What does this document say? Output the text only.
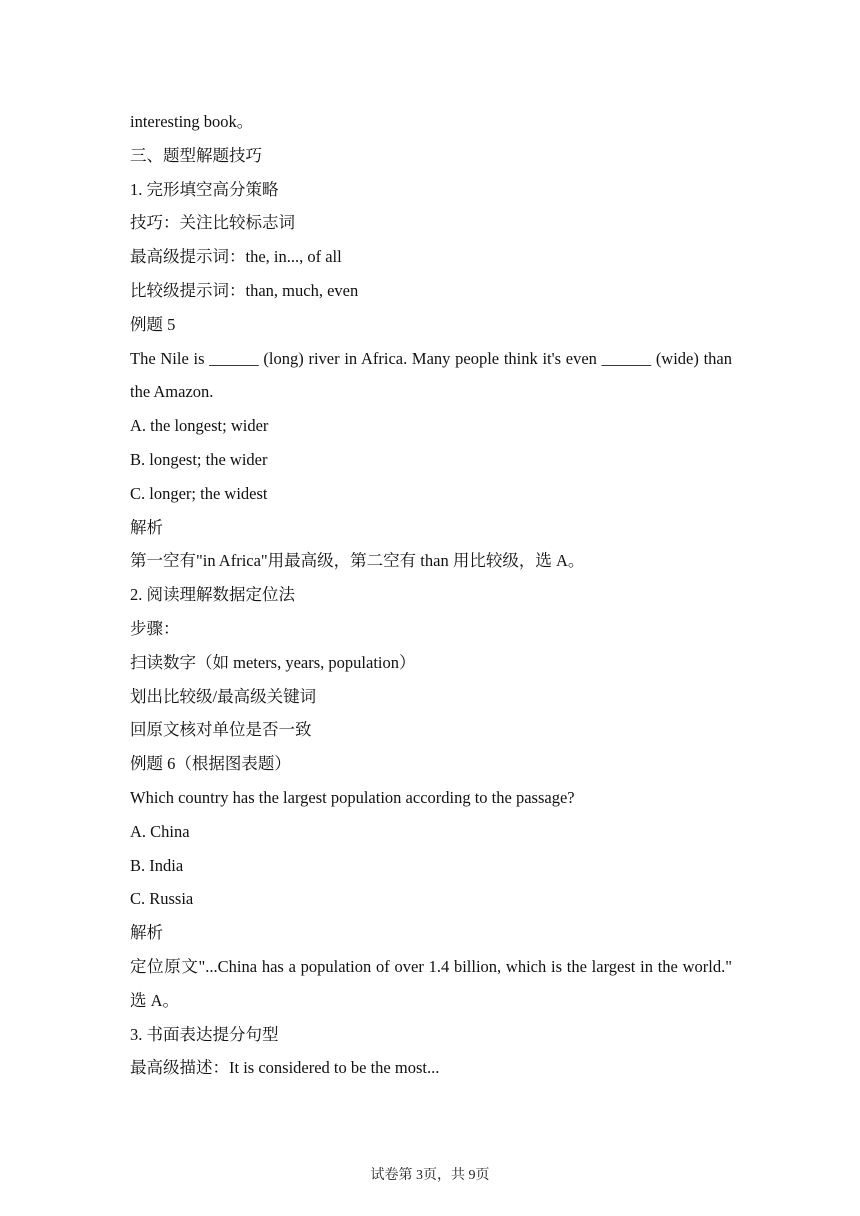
interesting book。
三、题型解题技巧
1. 完形填空高分策略
技巧：关注比较标志词
最高级提示词：the, in..., of all
比较级提示词：than, much, even
例题 5
The Nile is ______ (long) river in Africa. Many people think it's even ______ (wide) than the Amazon.
A. the longest; wider
B. longest; the wider
C. longer; the widest
解析
第一空有"in Africa"用最高级，第二空有 than 用比较级，选 A。
2. 阅读理解数据定位法
步骤：
扫读数字（如 meters, years, population）
划出比较级/最高级关键词
回原文核对单位是否一致
例题 6（根据图表题）
Which country has the largest population according to the passage?
A. China
B. India
C. Russia
解析
定位原文"...China has a population of over 1.4 billion, which is the largest in the world." 选 A。
3. 书面表达提分句型
最高级描述：It is considered to be the most...
试卷第 3页，共 9页
